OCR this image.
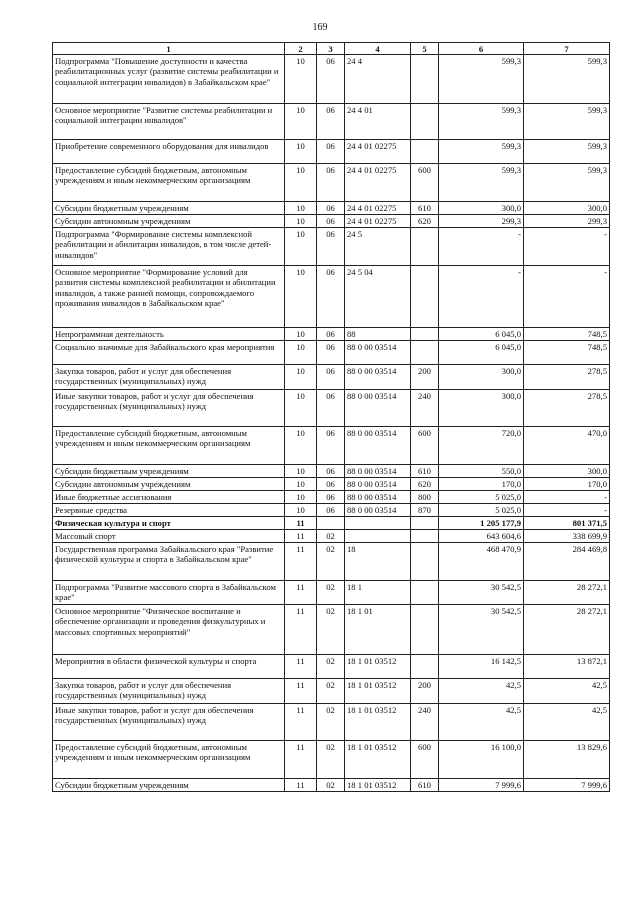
169
1	2	3	4	5	6	7
Подпрограмма "Повышение доступности и качества реабилитационных услуг (развитие системы реабилитации и социальной интеграции инвалидов) в Забайкальском крае"	10	06	24 4		599,3	599,3
Основное мероприятие "Развитие системы реабилитации и социальной интеграции инвалидов"	10	06	24 4 01		599,3	599,3
Приобретение современного оборудования для инвалидов	10	06	24 4 01 02275		599,3	599,3
Предоставление субсидий бюджетным, автономным учреждениям и иным некоммерческим организациям	10	06	24 4 01 02275	600	599,3	599,3
Субсидии бюджетным учреждениям	10	06	24 4 01 02275	610	300,0	300,0
Субсидии автономным учреждениям	10	06	24 4 01 02275	620	299,3	299,3
Подпрограмма "Формирование системы комплексной реабилитации и абилитации инвалидов, в том числе детей-инвалидов"	10	06	24 5		-	-
Основное мероприятие "Формирование условий для развития системы комплексной реабилитации и абилитации инвалидов, а также ранней помощи, сопровождаемого проживания инвалидов в Забайкальском крае"	10	06	24 5 04		-	-
Непрограммная деятельность	10	06	88		6 045,0	748,5
Социально значимые для Забайкальского края мероприятия	10	06	88 0 00 03514		6 045,0	748,5
Закупка товаров, работ и услуг для обеспечения государственных (муниципальных) нужд	10	06	88 0 00 03514	200	300,0	278,5
Иные закупки товаров, работ и услуг для обеспечения государственных (муниципальных) нужд	10	06	88 0 00 03514	240	300,0	278,5
Предоставление субсидий бюджетным, автономным учреждениям и иным некоммерческим организациям	10	06	88 0 00 03514	600	720,0	470,0
Субсидии бюджетным учреждениям	10	06	88 0 00 03514	610	550,0	300,0
Субсидии автономным учреждениям	10	06	88 0 00 03514	620	170,0	170,0
Иные бюджетные ассигнования	10	06	88 0 00 03514	800	5 025,0	-
Резервные средства	10	06	88 0 00 03514	870	5 025,0	-
Физическая культура и спорт	11				1 205 177,9	801 371,5
Массовый спорт	11	02			643 604,6	338 699,9
Государственная программа Забайкальского края "Развитие физической культуры и спорта в Забайкальском крае"	11	02	18		468 470,9	284 469,8
Подпрограмма "Развитие массового спорта в Забайкальском крае"	11	02	18 1		30 542,5	28 272,1
Основное мероприятие "Физическое воспитание и обеспечение организации и проведения физкультурных и массовых спортивных мероприятий"	11	02	18 1 01		30 542,5	28 272,1
Мероприятия в области физической культуры и спорта	11	02	18 1 01 03512		16 142,5	13 872,1
Закупка товаров, работ и услуг для обеспечения государственных (муниципальных) нужд	11	02	18 1 01 03512	200	42,5	42,5
Иные закупки товаров, работ и услуг для обеспечения государственных (муниципальных) нужд	11	02	18 1 01 03512	240	42,5	42,5
Предоставление субсидий бюджетным, автономным учреждениям и иным некоммерческим организациям	11	02	18 1 01 03512	600	16 100,0	13 829,6
Субсидии бюджетным учреждениям	11	02	18 1 01 03512	610	7 999,6	7 999,6
